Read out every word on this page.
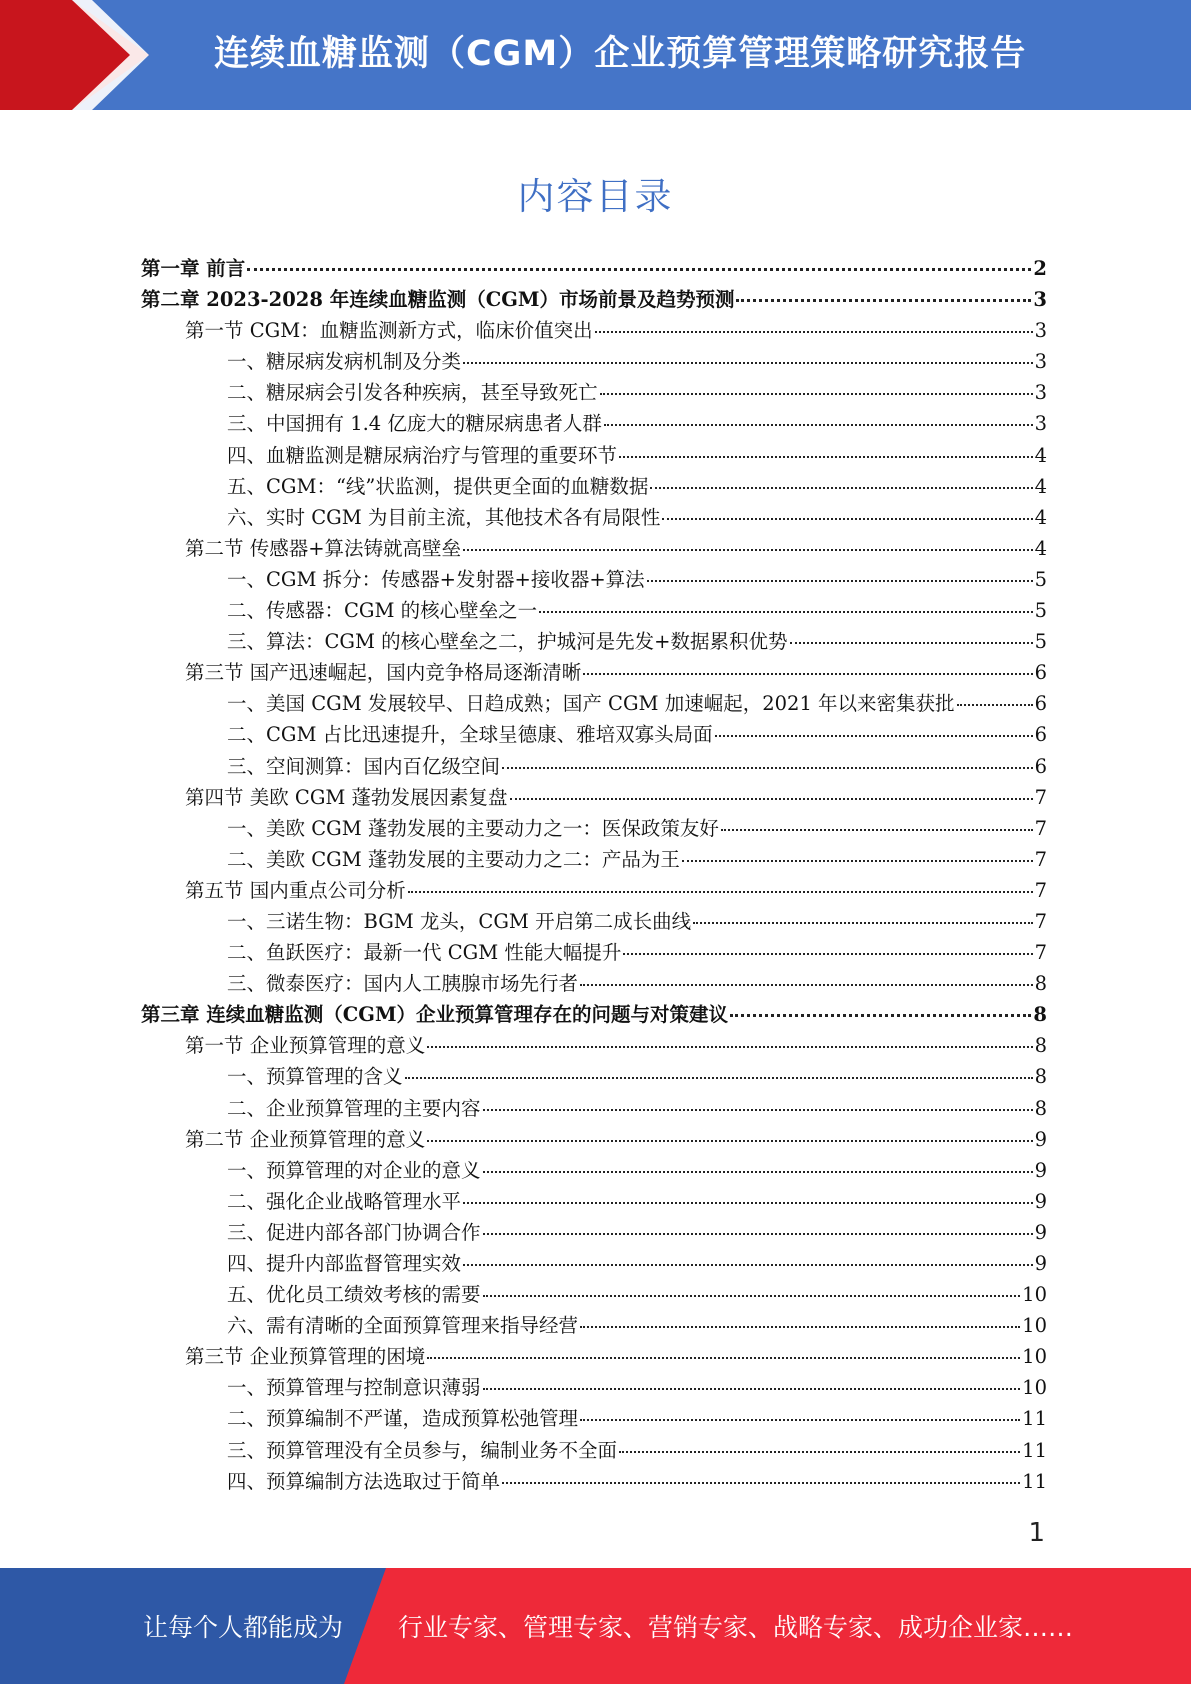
连续血糖监测（CGM）企业预算管理策略研究报告
内容目录
第一章 前言	2
第二章 2023-2028 年连续血糖监测（CGM）市场前景及趋势预测	3
第一节 CGM：血糖监测新方式，临床价值突出	3
一、糖尿病发病机制及分类	3
二、糖尿病会引发各种疾病，甚至导致死亡	3
三、中国拥有 1.4 亿庞大的糖尿病患者人群	3
四、血糖监测是糖尿病治疗与管理的重要环节	4
五、CGM：“线”状监测，提供更全面的血糖数据	4
六、实时 CGM 为目前主流，其他技术各有局限性	4
第二节 传感器+算法铸就高壁垒	4
一、CGM 拆分：传感器+发射器+接收器+算法	5
二、传感器：CGM 的核心壁垒之一	5
三、算法：CGM 的核心壁垒之二，护城河是先发+数据累积优势	5
第三节 国产迅速崛起，国内竞争格局逐渐清晰	6
一、美国 CGM 发展较早、日趋成熟；国产 CGM 加速崛起，2021 年以来密集获批	6
二、CGM 占比迅速提升，全球呈德康、雅培双寡头局面	6
三、空间测算：国内百亿级空间	6
第四节 美欧 CGM 蓬勃发展因素复盘	7
一、美欧 CGM 蓬勃发展的主要动力之一：医保政策友好	7
二、美欧 CGM 蓬勃发展的主要动力之二：产品为王	7
第五节 国内重点公司分析	7
一、三诺生物：BGM 龙头，CGM 开启第二成长曲线	7
二、鱼跃医疗：最新一代 CGM 性能大幅提升	7
三、微泰医疗：国内人工胰腺市场先行者	8
第三章 连续血糖监测（CGM）企业预算管理存在的问题与对策建议	8
第一节 企业预算管理的意义	8
一、预算管理的含义	8
二、企业预算管理的主要内容	8
第二节 企业预算管理的意义	9
一、预算管理的对企业的意义	9
二、强化企业战略管理水平	9
三、促进内部各部门协调合作	9
四、提升内部监督管理实效	9
五、优化员工绩效考核的需要	10
六、需有清晰的全面预算管理来指导经营	10
第三节 企业预算管理的困境	10
一、预算管理与控制意识薄弱	10
二、预算编制不严谨，造成预算松弛管理	11
三、预算管理没有全员参与，编制业务不全面	11
四、预算编制方法选取过于简单	11
1
让每个人都能成为 行业专家、管理专家、营销专家、战略专家、成功企业家……
